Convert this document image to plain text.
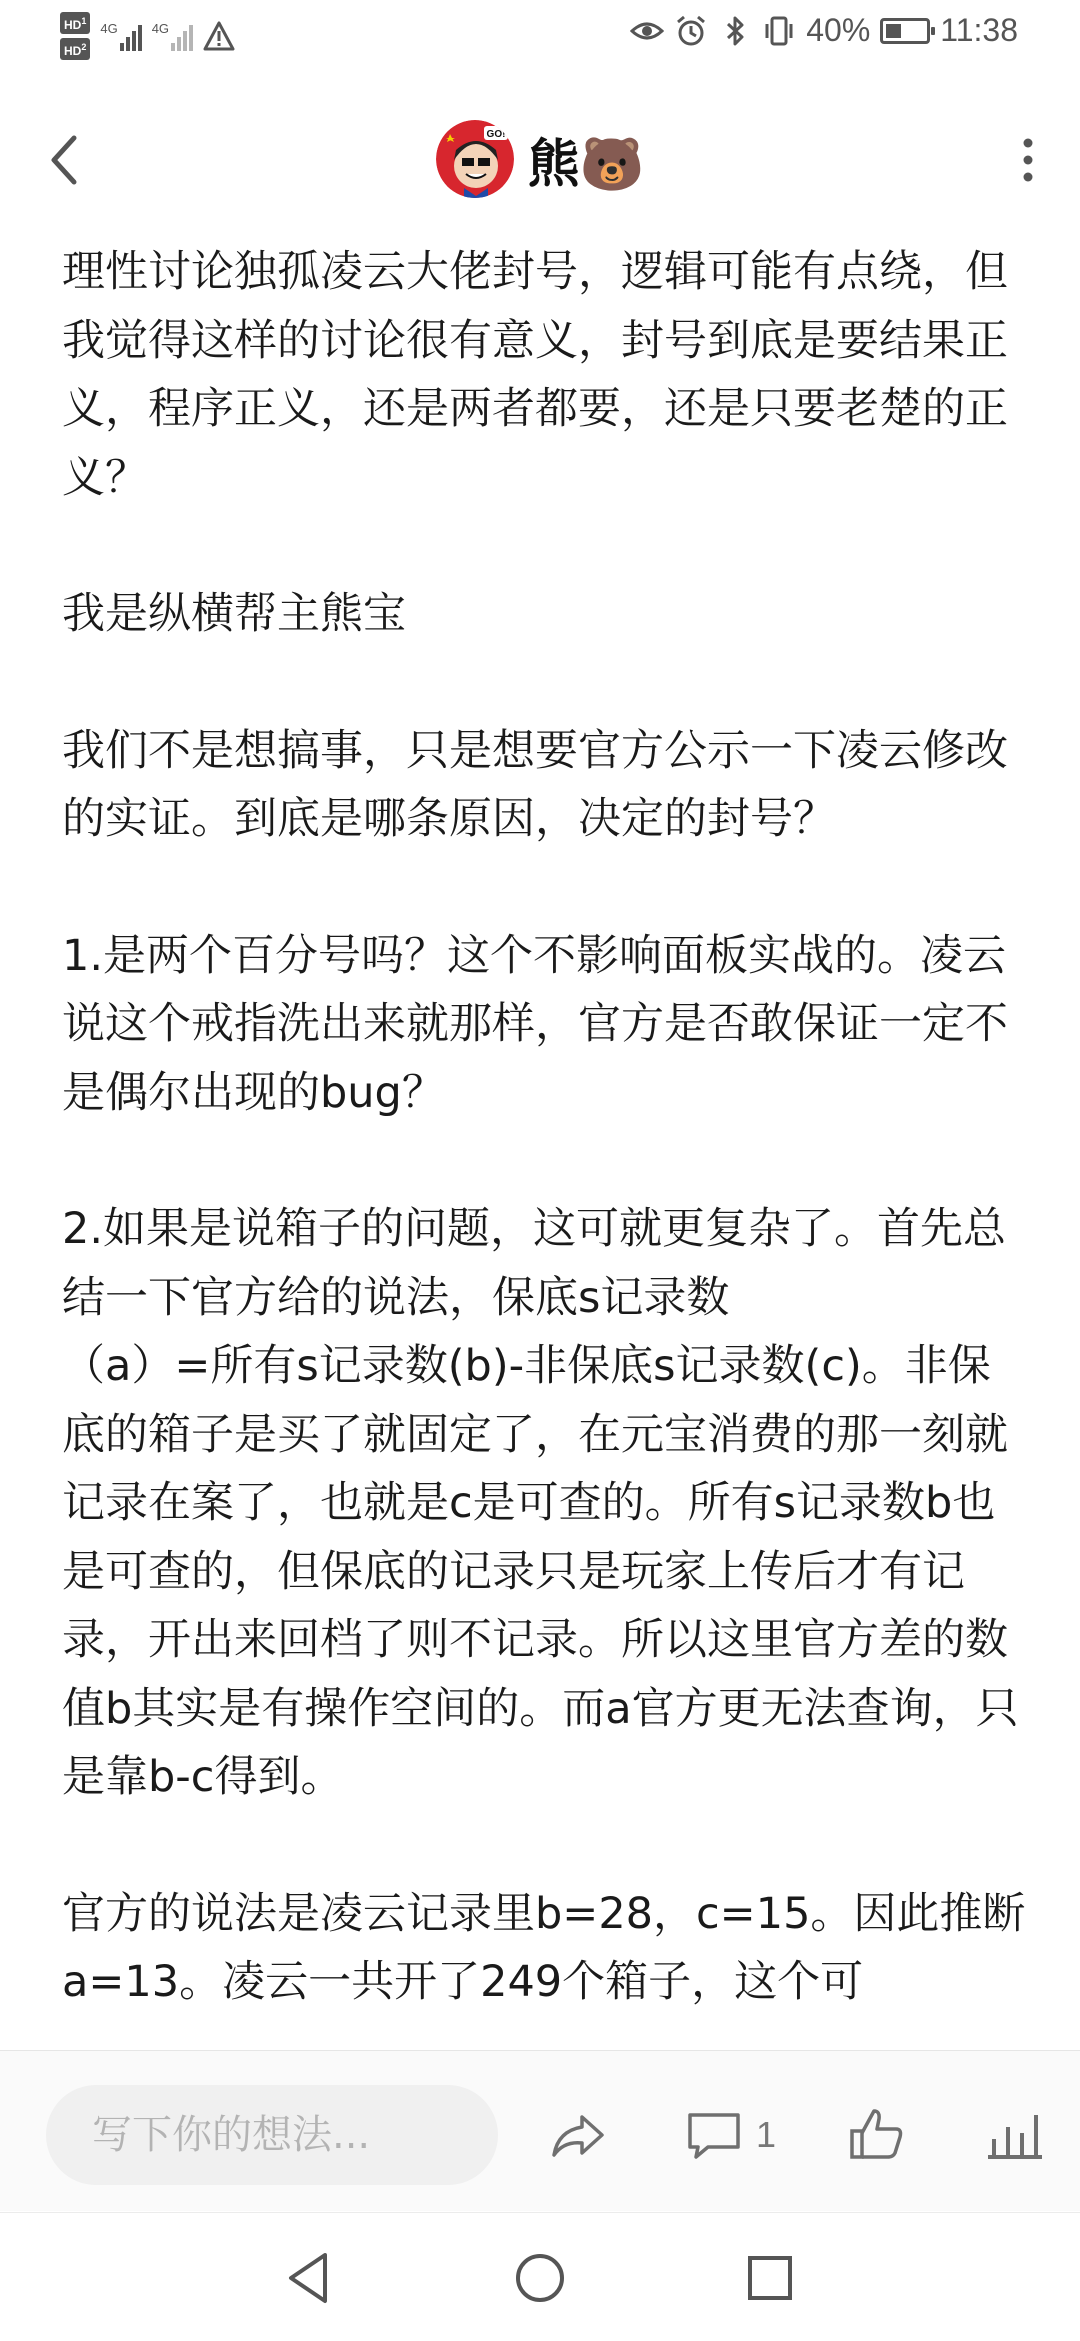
$HD^1$
$HD^2$
4G	4G	40% 11:38
GO! 熊🐻

理性讨论独孤凌云大佬封号，逻辑可能有点绕，但我觉得这样的讨论很有意义，封号到底是要结果正义，程序正义，还是两者都要，还是只要老楚的正义？

我是纵横帮主熊宝

我们不是想搞事，只是想要官方公示一下凌云修改的实证。到底是哪条原因，决定的封号？

1.是两个百分号吗？这个不影响面板实战的。凌云说这个戒指洗出来就那样，官方是否敢保证一定不是偶尔出现的bug？

2.如果是说箱子的问题，这可就更复杂了。首先总结一下官方给的说法，保底s记录数
（a）=所有s记录数(b)-非保底s记录数(c)。非保底的箱子是买了就固定了，在元宝消费的那一刻就记录在案了，也就是c是可查的。所有s记录数b也是可查的，但保底的记录只是玩家上传后才有记录，开出来回档了则不记录。所以这里官方差的数值b其实是有操作空间的。而a官方更无法查询，只是靠b-c得到。

官方的说法是凌云记录里b=28，c=15。因此推断a=13。凌云一共开了249个箱子，这个可

写下你的想法...
1
